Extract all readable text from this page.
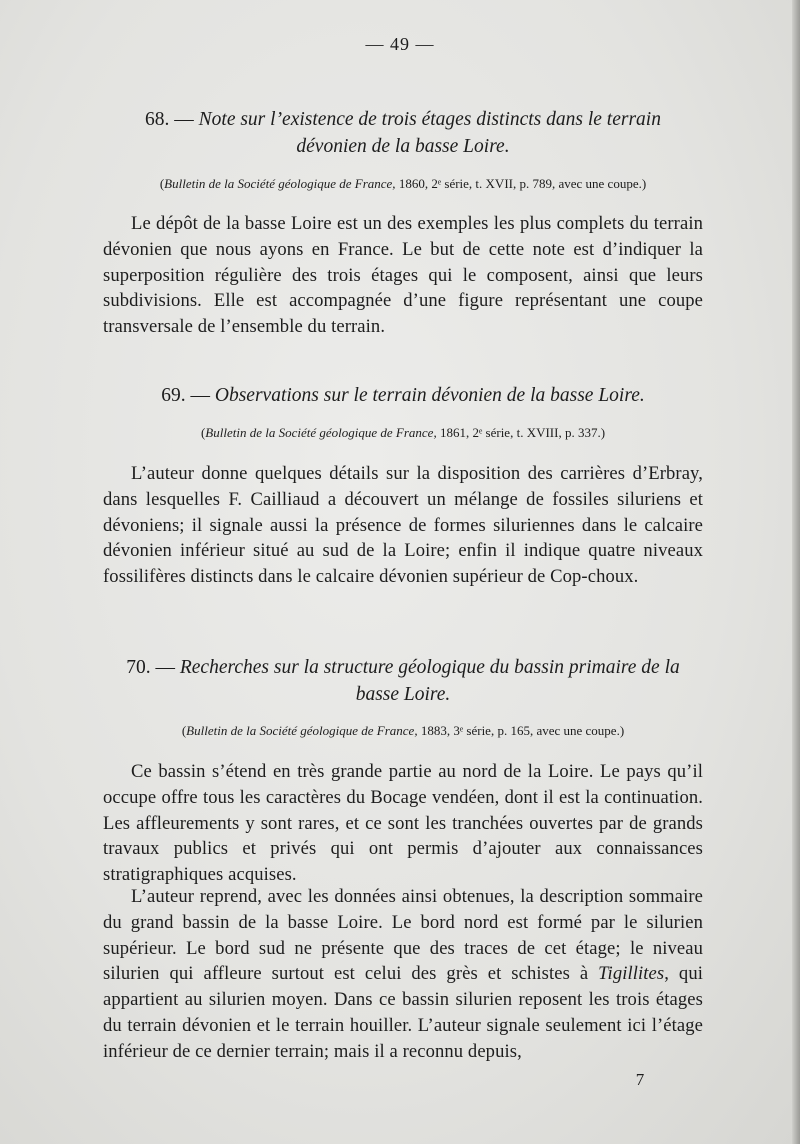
— 49 —
68. — Note sur l’existence de trois étages distincts dans le terrain
dévonien de la basse Loire.
(Bulletin de la Société géologique de France, 1860, 2ᵉ série, t. XVII, p. 789, avec une coupe.)
Le dépôt de la basse Loire est un des exemples les plus complets du terrain dévonien que nous ayons en France. Le but de cette note est d’indiquer la superposition régulière des trois étages qui le composent, ainsi que leurs subdivisions. Elle est accompagnée d’une figure représentant une coupe transversale de l’ensemble du terrain.
69. — Observations sur le terrain dévonien de la basse Loire.
(Bulletin de la Société géologique de France, 1861, 2ᵉ série, t. XVIII, p. 337.)
L’auteur donne quelques détails sur la disposition des carrières d’Erbray, dans lesquelles F. Cailliaud a découvert un mélange de fossiles siluriens et dévoniens; il signale aussi la présence de formes siluriennes dans le calcaire dévonien inférieur situé au sud de la Loire; enfin il indique quatre niveaux fossilifères distincts dans le calcaire dévonien supérieur de Cop-choux.
70. — Recherches sur la structure géologique du bassin primaire de la
basse Loire.
(Bulletin de la Société géologique de France, 1883, 3ᵉ série, p. 165, avec une coupe.)
Ce bassin s’étend en très grande partie au nord de la Loire. Le pays qu’il occupe offre tous les caractères du Bocage vendéen, dont il est la continuation. Les affleurements y sont rares, et ce sont les tranchées ouvertes par de grands travaux publics et privés qui ont permis d’ajouter aux connaissances stratigraphiques acquises.
L’auteur reprend, avec les données ainsi obtenues, la description sommaire du grand bassin de la basse Loire. Le bord nord est formé par le silurien supérieur. Le bord sud ne présente que des traces de cet étage; le niveau silurien qui affleure surtout est celui des grès et schistes à Tigillites, qui appartient au silurien moyen. Dans ce bassin silurien reposent les trois étages du terrain dévonien et le terrain houiller. L’auteur signale seulement ici l’étage inférieur de ce dernier terrain; mais il a reconnu depuis,
7
